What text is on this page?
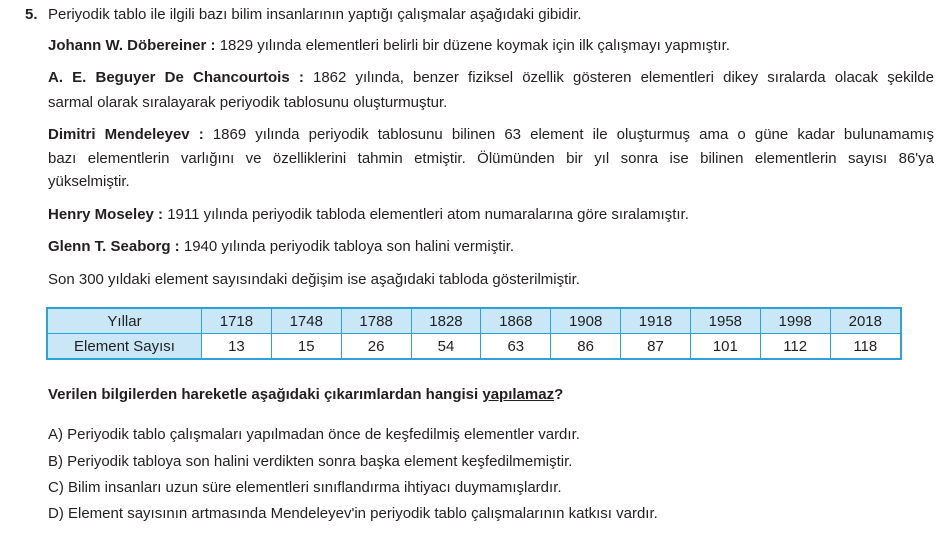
5. Periyodik tablo ile ilgili bazı bilim insanlarının yaptığı çalışmalar aşağıdaki gibidir.
Johann W. Döbereiner : 1829 yılında elementleri belirli bir düzene koymak için ilk çalışmayı yapmıştır.
A. E. Beguyer De Chancourtois : 1862 yılında, benzer fiziksel özellik gösteren elementleri dikey sıralarda olacak şekilde
sarmal olarak sıralayarak periyodik tablosunu oluşturmuştur.
Dimitri Mendeleyev : 1869 yılında periyodik tablosunu bilinen 63 element ile oluşturmuş ama o güne kadar bulunamamış
bazı elementlerin varlığını ve özelliklerini tahmin etmiştir. Ölümünden bir yıl sonra ise bilinen elementlerin sayısı 86'ya
yükselmiştir.
Henry Moseley : 1911 yılında periyodik tabloda elementleri atom numaralarına göre sıralamıştır.
Glenn T. Seaborg : 1940 yılında periyodik tabloya son halini vermiştir.
Son 300 yıldaki element sayısındaki değişim ise aşağıdaki tabloda gösterilmiştir.
Yıllar	1718	1748	1788	1828	1868	1908	1918	1958	1998	2018
Element Sayısı	13	15	26	54	63	86	87	101	112	118
Verilen bilgilerden hareketle aşağıdaki çıkarımlardan hangisi yapılamaz?
A) Periyodik tablo çalışmaları yapılmadan önce de keşfedilmiş elementler vardır.
B) Periyodik tabloya son halini verdikten sonra başka element keşfedilmemiştir.
C) Bilim insanları uzun süre elementleri sınıflandırma ihtiyacı duymamışlardır.
D) Element sayısının artmasında Mendeleyev'in periyodik tablo çalışmalarının katkısı vardır.
